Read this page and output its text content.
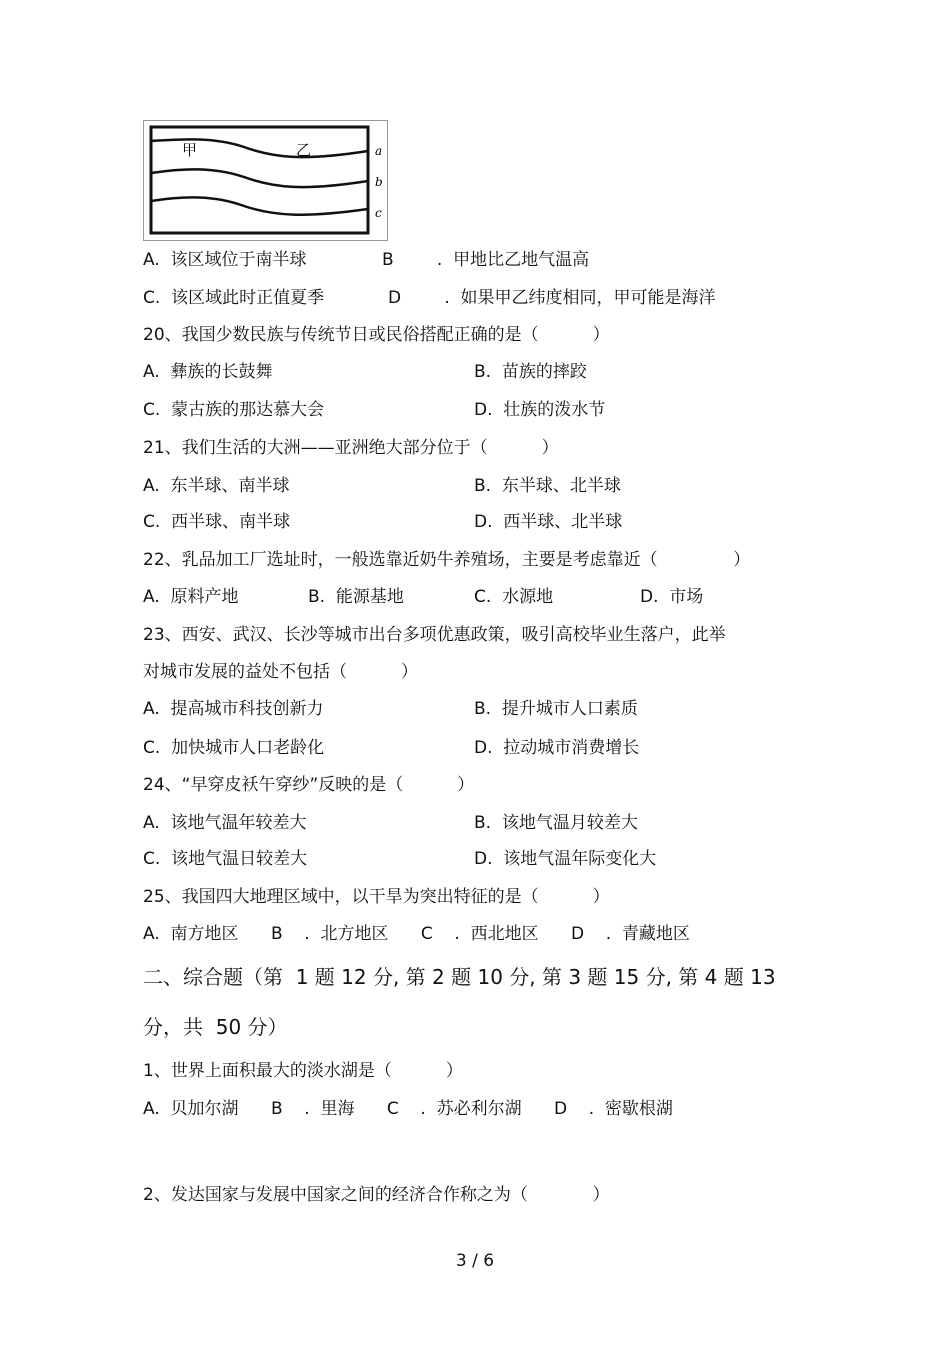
甲	乙	a
b
c
A.  该区域位于南半球	B        .  甲地比乙地气温高
C.  该区域此时正值夏季	D        .  如果甲乙纬度相同，甲可能是海洋
20、我国少数民族与传统节日或民俗搭配正确的是（          ）
A.  彝族的长鼓舞	B.  苗族的摔跤
C.  蒙古族的那达慕大会	D.  壮族的泼水节
21、我们生活的大洲——亚洲绝大部分位于（          ）
A.  东半球、南半球	B.  东半球、北半球
C.  西半球、南半球	D.  西半球、北半球
22、乳品加工厂选址时，一般选靠近奶牛养殖场，主要是考虑靠近（              ）
A.  原料产地	B.  能源基地	C.  水源地	D.  市场
23、西安、武汉、长沙等城市出台多项优惠政策，吸引高校毕业生落户，此举
对城市发展的益处不包括（          ）
A.  提高城市科技创新力	B.  提升城市人口素质
C.  加快城市人口老龄化	D.  拉动城市消费增长
24、“早穿皮袄午穿纱”反映的是（          ）
A.  该地气温年较差大	B.  该地气温月较差大
C.  该地气温日较差大	D.  该地气温年际变化大
25、我国四大地理区域中，以干旱为突出特征的是（          ）
A.  南方地区      B    .  北方地区      C    .  西北地区      D    .  青藏地区
二、综合题（第  1 题 12 分, 第 2 题 10 分, 第 3 题 15 分, 第 4 题 13
分，共  50 分）
1、世界上面积最大的淡水湖是（          ）
A.  贝加尔湖      B    .  里海      C    .  苏必利尔湖      D    .  密歇根湖
2、发达国家与发展中国家之间的经济合作称之为（            ）
3 / 6
